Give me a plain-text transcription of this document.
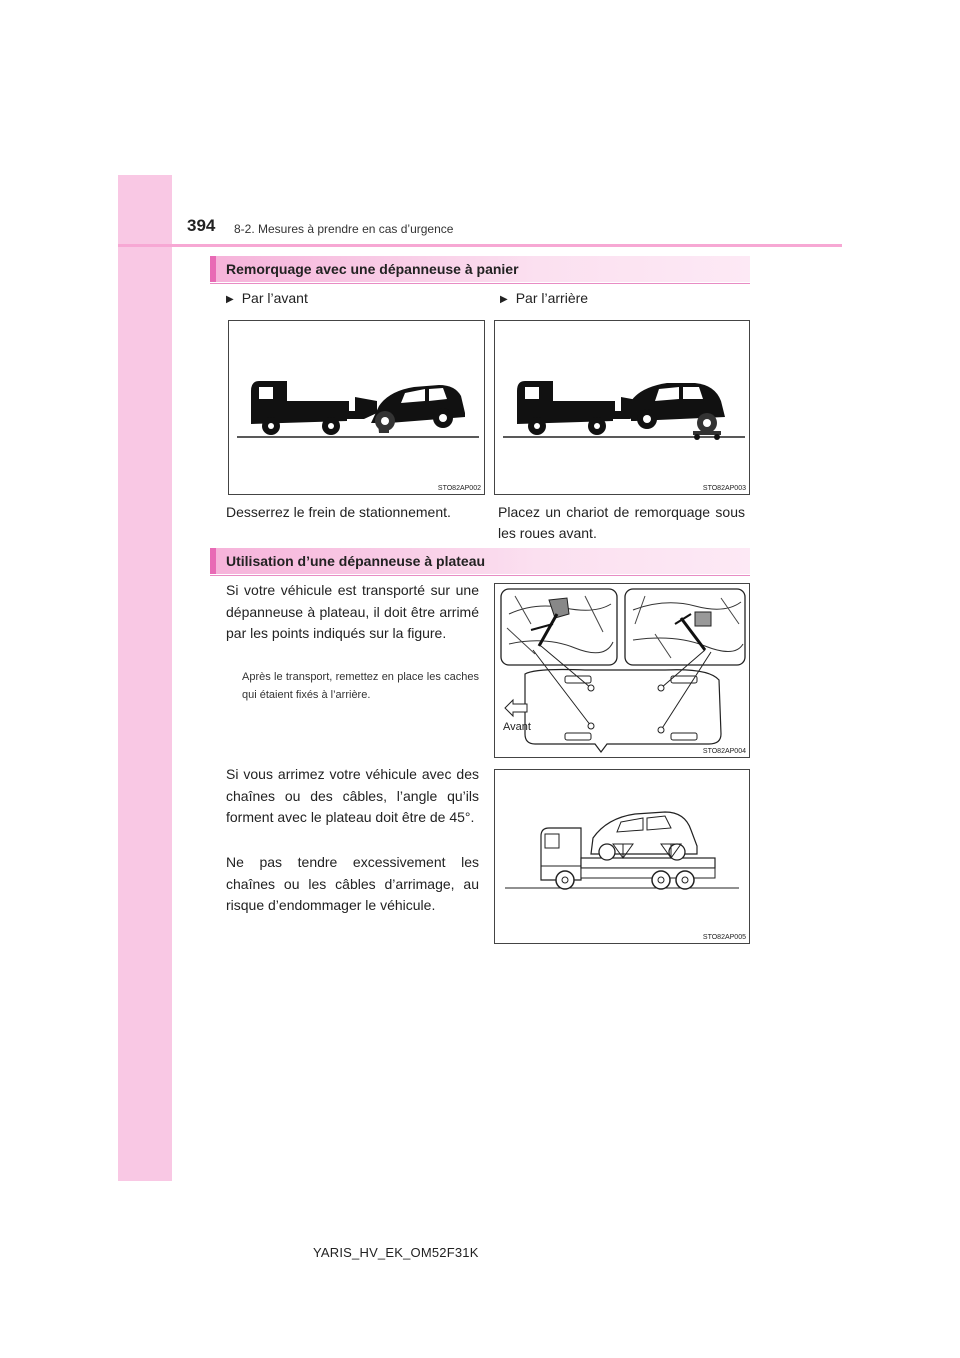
394 8-2. Mesures à prendre en cas d’urgence
Remorquage avec une dépanneuse à panier
▶ Par l’avant	▶ Par l’arrière
STO82AP002	STO82AP003
Desserrez le frein de stationnement.	Placez un chariot de remorquage sous les roues avant.
Utilisation d’une dépanneuse à plateau
Si votre véhicule est transporté sur une dépanneuse à plateau, il doit être arrimé par les points indiqués sur la figure.
Après le transport, remettez en place les caches qui étaient fixés à l’arrière.
Avant
STO82AP004
Si vous arrimez votre véhicule avec des chaînes ou des câbles, l’angle qu’ils forment avec le plateau doit être de 45°.
Ne pas tendre excessivement les chaînes ou les câbles d’arrimage, au risque d’endommager le véhicule.
STO82AP005
YARIS_HV_EK_OM52F31K
